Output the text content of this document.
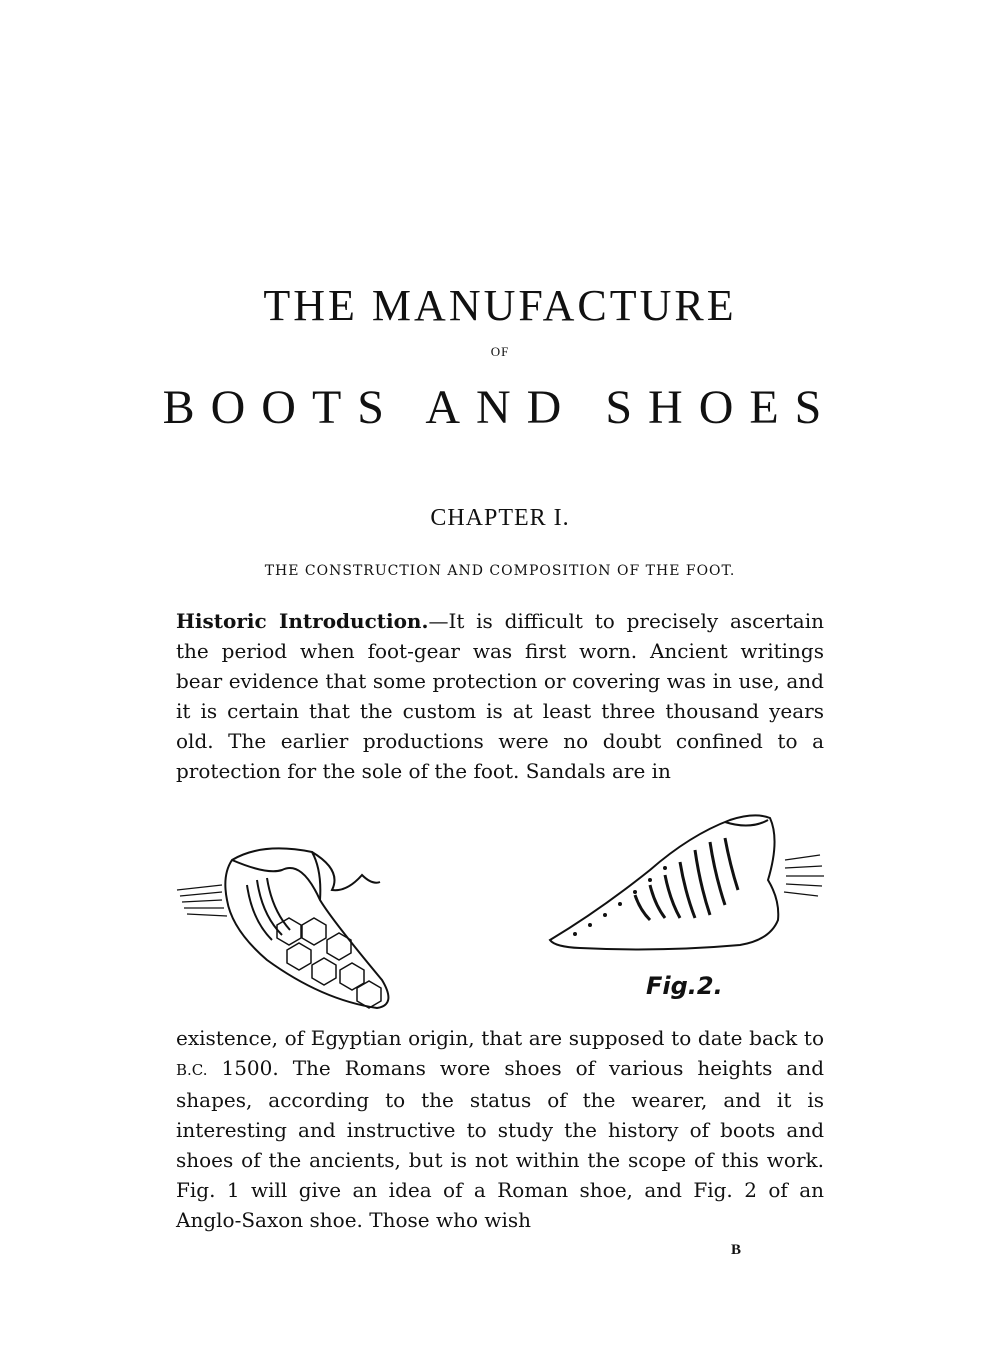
THE MANUFACTURE
OF
BOOTS AND SHOES
CHAPTER I.
THE CONSTRUCTION AND COMPOSITION OF THE FOOT.
Historic Introduction.—It is difficult to precisely ascertain the period when foot-gear was first worn. Ancient writings bear evidence that some protection or covering was in use, and it is certain that the custom is at least three thousand years old. The earlier productions were no doubt confined to a protection for the sole of the foot. Sandals are in
Fig.2.
existence, of Egyptian origin, that are supposed to date back to B.C. 1500. The Romans wore shoes of various heights and shapes, according to the status of the wearer, and it is interesting and instructive to study the history of boots and shoes of the ancients, but is not within the scope of this work. Fig. 1 will give an idea of a Roman shoe, and Fig. 2 of an Anglo-Saxon shoe. Those who wish
B
